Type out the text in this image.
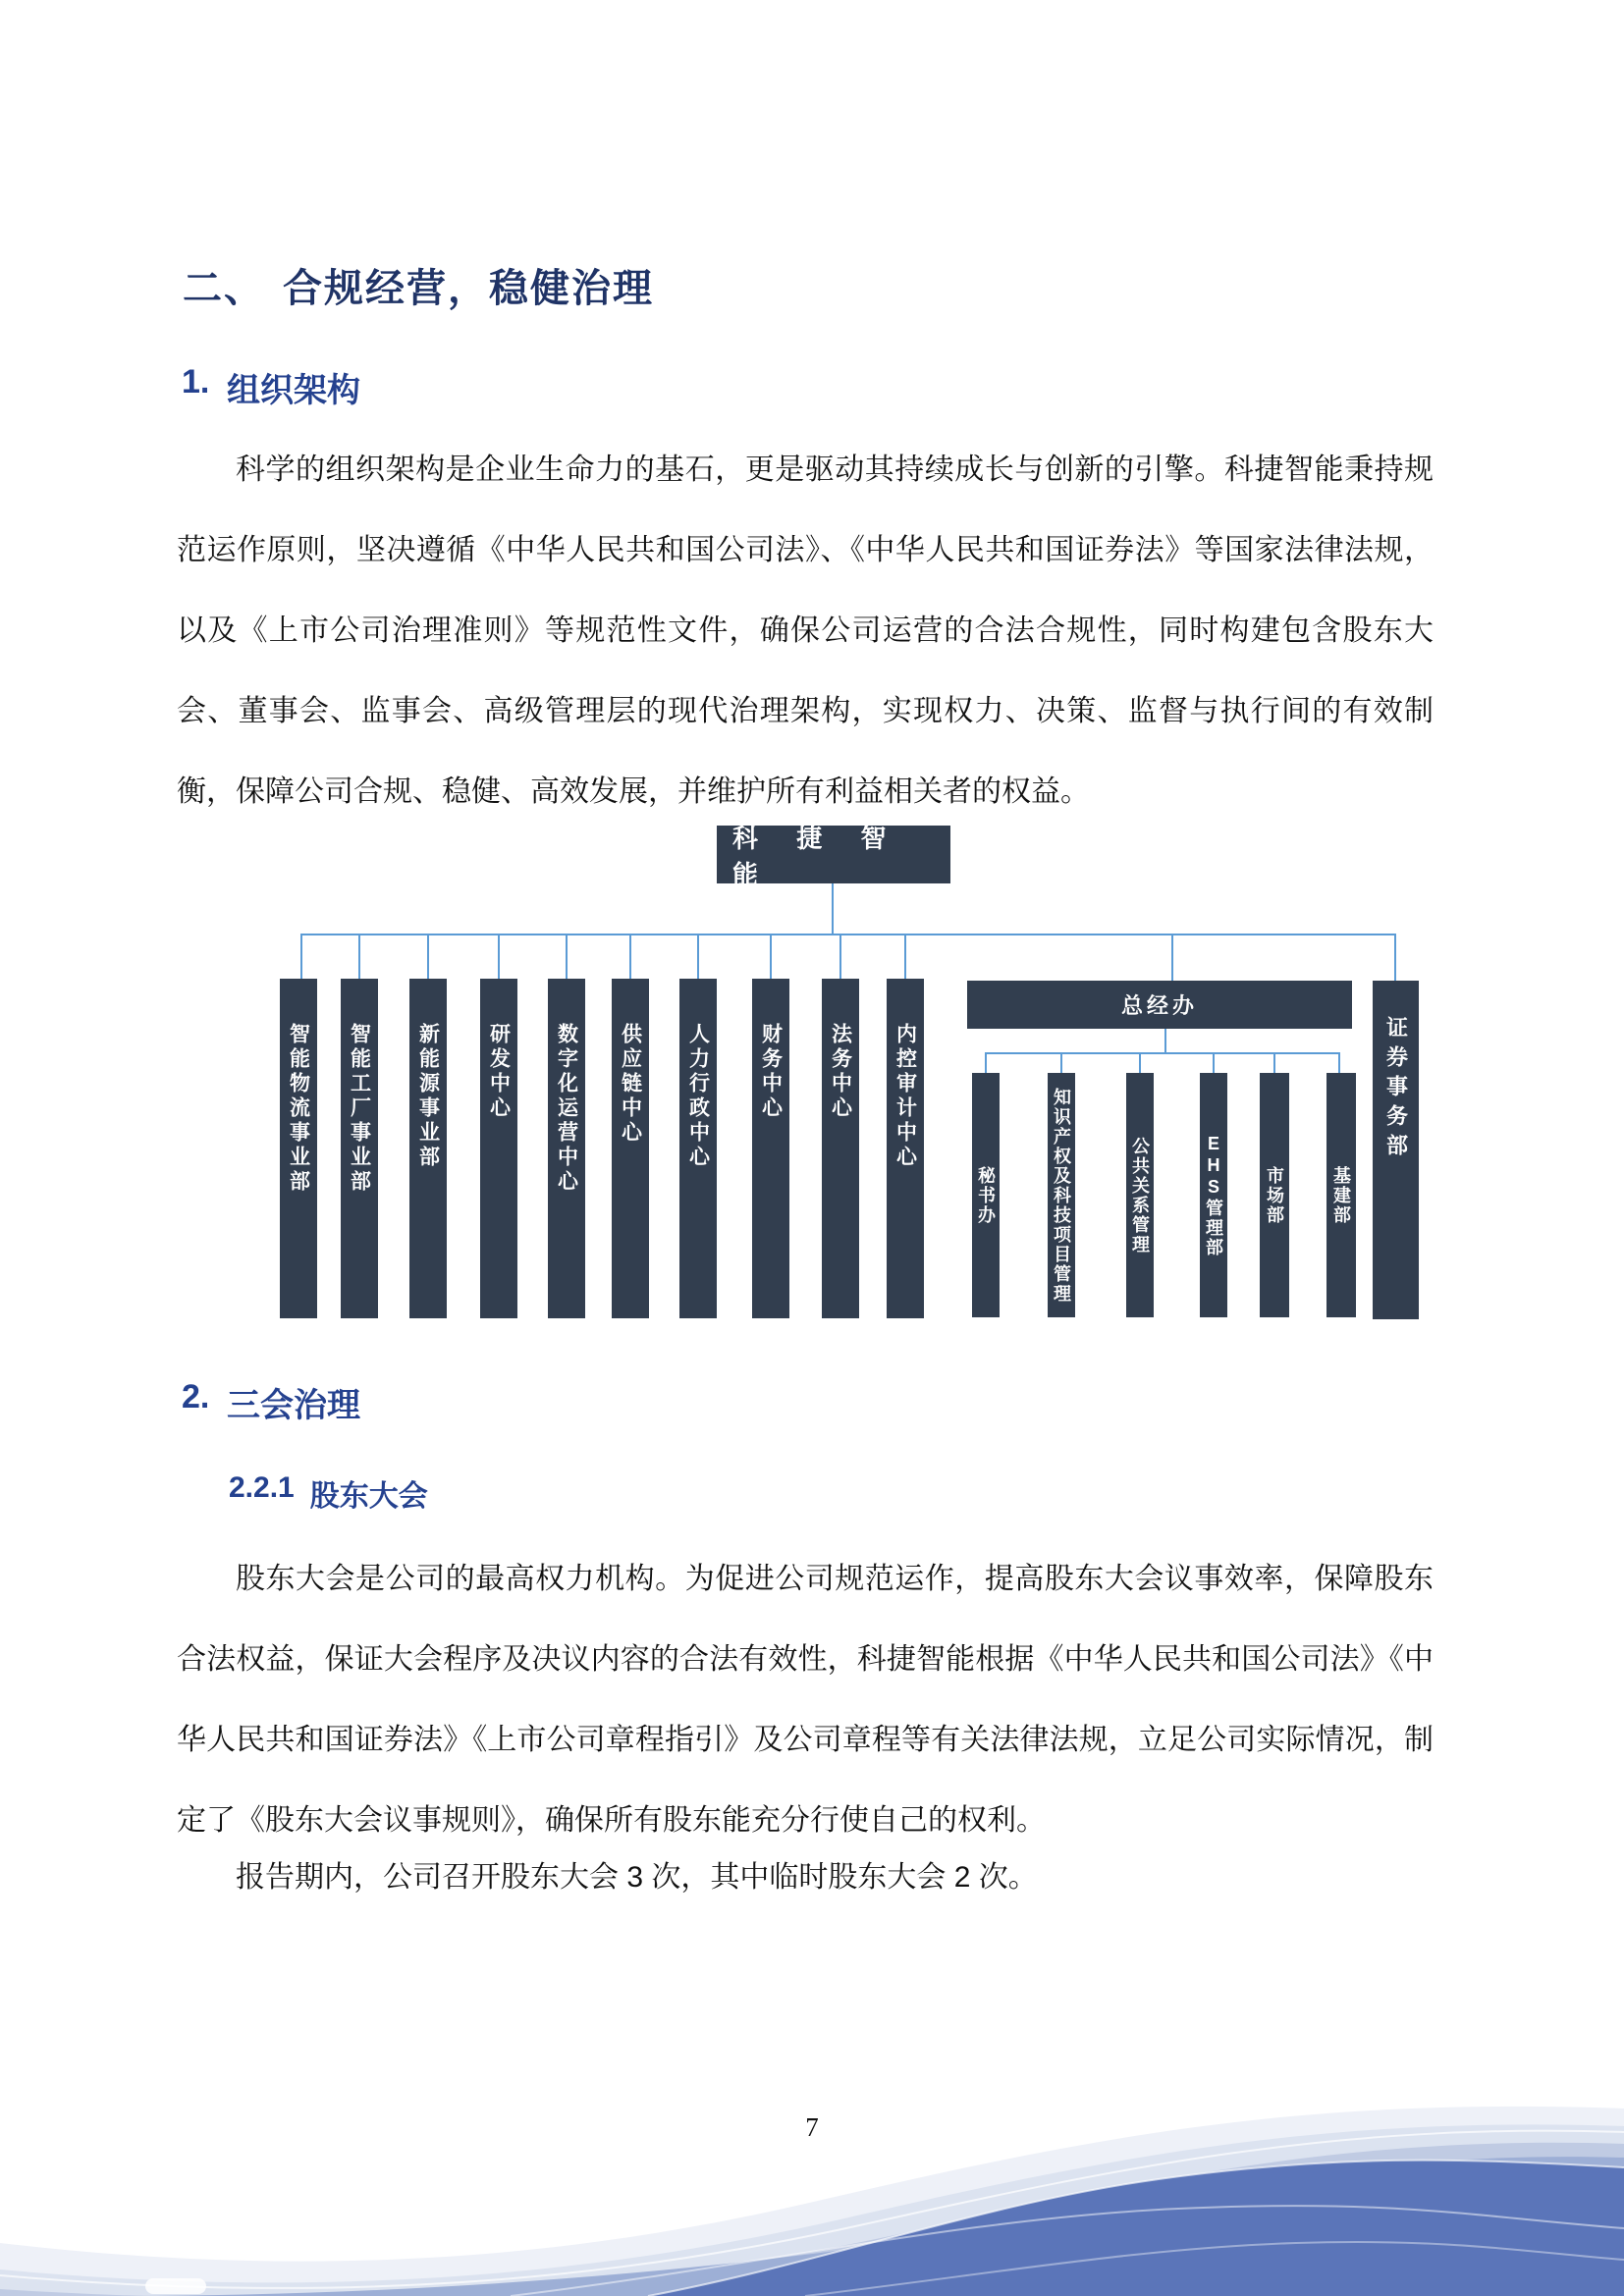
二、 合规经营，稳健治理
1. 组织架构
科学的组织架构是企业生命力的基石，更是驱动其持续成长与创新的引擎。科捷智能秉持规范运作原则，坚决遵循《中华人民共和国公司法》、《中华人民共和国证券法》等国家法律法规，以及《上市公司治理准则》等规范性文件，确保公司运营的合法合规性，同时构建包含股东大会、董事会、监事会、高级管理层的现代治理架构，实现权力、决策、监督与执行间的有效制衡，保障公司合规、稳健、高效发展，并维护所有利益相关者的权益。
科 捷 智 能
智能物流事业部 智能工厂事业部 新能源事业部 研发中心 数字化运营中心 供应链中心 人力行政中心 财务中心 法务中心 内控审计中心
总经办
证券事务部
秘书办	知识产权及科技项目管理	公共关系管理	EHS管理部 市场部	基建部
2. 三会治理
2.2.1 股东大会
股东大会是公司的最高权力机构。为促进公司规范运作，提高股东大会议事效率，保障股东合法权益，保证大会程序及决议内容的合法有效性，科捷智能根据《中华人民共和国公司法》《中华人民共和国证券法》《上市公司章程指引》及公司章程等有关法律法规，立足公司实际情况，制定了《股东大会议事规则》，确保所有股东能充分行使自己的权利。
报告期内，公司召开股东大会 3 次，其中临时股东大会 2 次。
7
